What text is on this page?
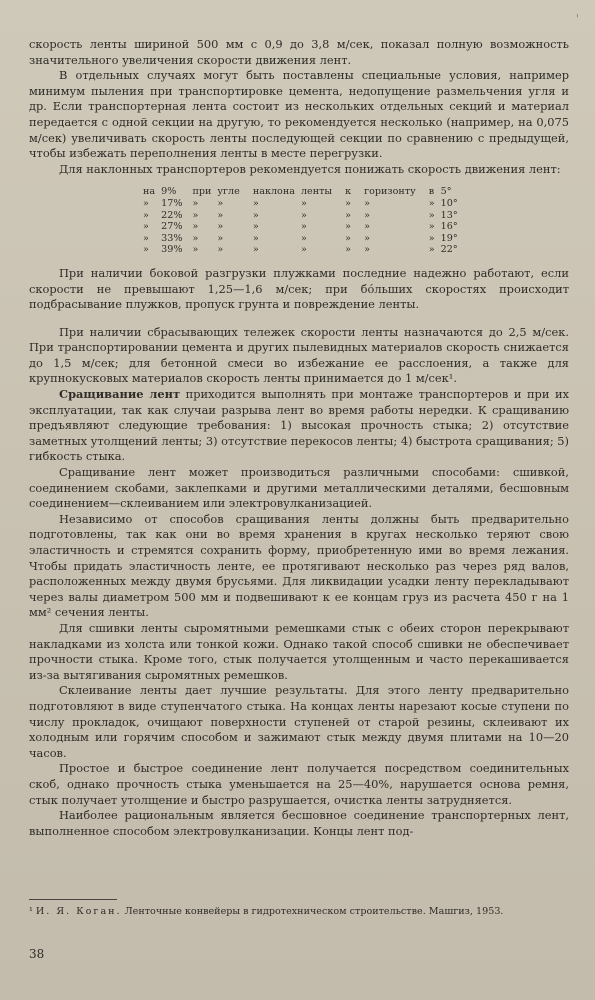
'

скорость ленты шириной 500 мм с 0,9 до 3,8 м/сек, показал полную возможность значительного увеличения скорости движения лент.

В отдельных случаях могут быть поставлены специальные условия, например минимум пыления при транспортировке цемента, недопущение размельчения угля и др. Если транспортерная лента состоит из нескольких отдельных секций и материал передается с одной секции на другую, то рекомендуется несколько (например, на 0,075 м/сек) увеличивать скорость ленты последующей секции по сравнению с предыдущей, чтобы избежать переполнения ленты в месте перегрузки.

Для наклонных транспортеров рекомендуется понижать скорость движения лент:

на	9%	при	угле	наклона	ленты	к	горизонту	в	5°
»	17%	»	»	»	»	»	»	»	10°
»	22%	»	»	»	»	»	»	»	13°
»	27%	»	»	»	»	»	»	»	16°
»	33%	»	»	»	»	»	»	»	19°
»	39%	»	»	»	»	»	»	»	22°

При наличии боковой разгрузки плужками последние надежно работают, если скорости не превышают 1,25—1,6 м/сек; при бо́льших скоростях происходит подбрасывание плужков, пропуск грунта и повреждение ленты.

При наличии сбрасывающих тележек скорости ленты назначаются до 2,5 м/сек. При транспортировании цемента и других пылевидных материалов скорость снижается до 1,5 м/сек; для бетонной смеси во избежание ее расслоения, а также для крупнокусковых материалов скорость ленты принимается до 1 м/сек¹.

Сращивание лент приходится выполнять при монтаже транспортеров и при их эксплуатации, так как случаи разрыва лент во время работы нередки. К сращиванию предъявляют следующие требования: 1) высокая прочность стыка; 2) отсутствие заметных утолщений ленты; 3) отсутствие перекосов ленты; 4) быстрота сращивания; 5) гибкость стыка.

Сращивание лент может производиться различными способами: сшивкой, соединением скобами, заклепками и другими металлическими деталями, бесшовным соединением—склеиванием или электровулканизацией.

Независимо от способов сращивания ленты должны быть предварительно подготовлены, так как они во время хранения в кругах несколько теряют свою эластичность и стремятся сохранить форму, приобретенную ими во время лежания. Чтобы придать эластичность ленте, ее протягивают несколько раз через ряд валов, расположенных между двумя брусьями. Для ликвидации усадки ленту перекладывают через валы диаметром 500 мм и подвешивают к ее концам груз из расчета 450 г на 1 мм² сечения ленты.

Для сшивки ленты сыромятными ремешками стык с обеих сторон перекрывают накладками из холста или тонкой кожи. Однако такой способ сшивки не обеспечивает прочности стыка. Кроме того, стык получается утолщенным и часто перекашивается из-за вытягивания сыромятных ремешков.

Склеивание ленты дает лучшие результаты. Для этого ленту предварительно подготовляют в виде ступенчатого стыка. На концах ленты нарезают косые ступени по числу прокладок, очищают поверхности ступеней от старой резины, склеивают их холодным или горячим способом и зажимают стык между двумя плитами на 10—20 часов.

Простое и быстрое соединение лент получается посредством соединительных скоб, однако прочность стыка уменьшается на 25—40%, нарушается основа ремня, стык получает утолщение и быстро разрушается, очистка ленты затрудняется.

Наиболее рациональным является бесшовное соединение транспортерных лент, выполненное способом электровулканизации. Концы лент под-

¹ И. Я. Коган. Ленточные конвейеры в гидротехническом строительстве. Машгиз, 1953.

38
